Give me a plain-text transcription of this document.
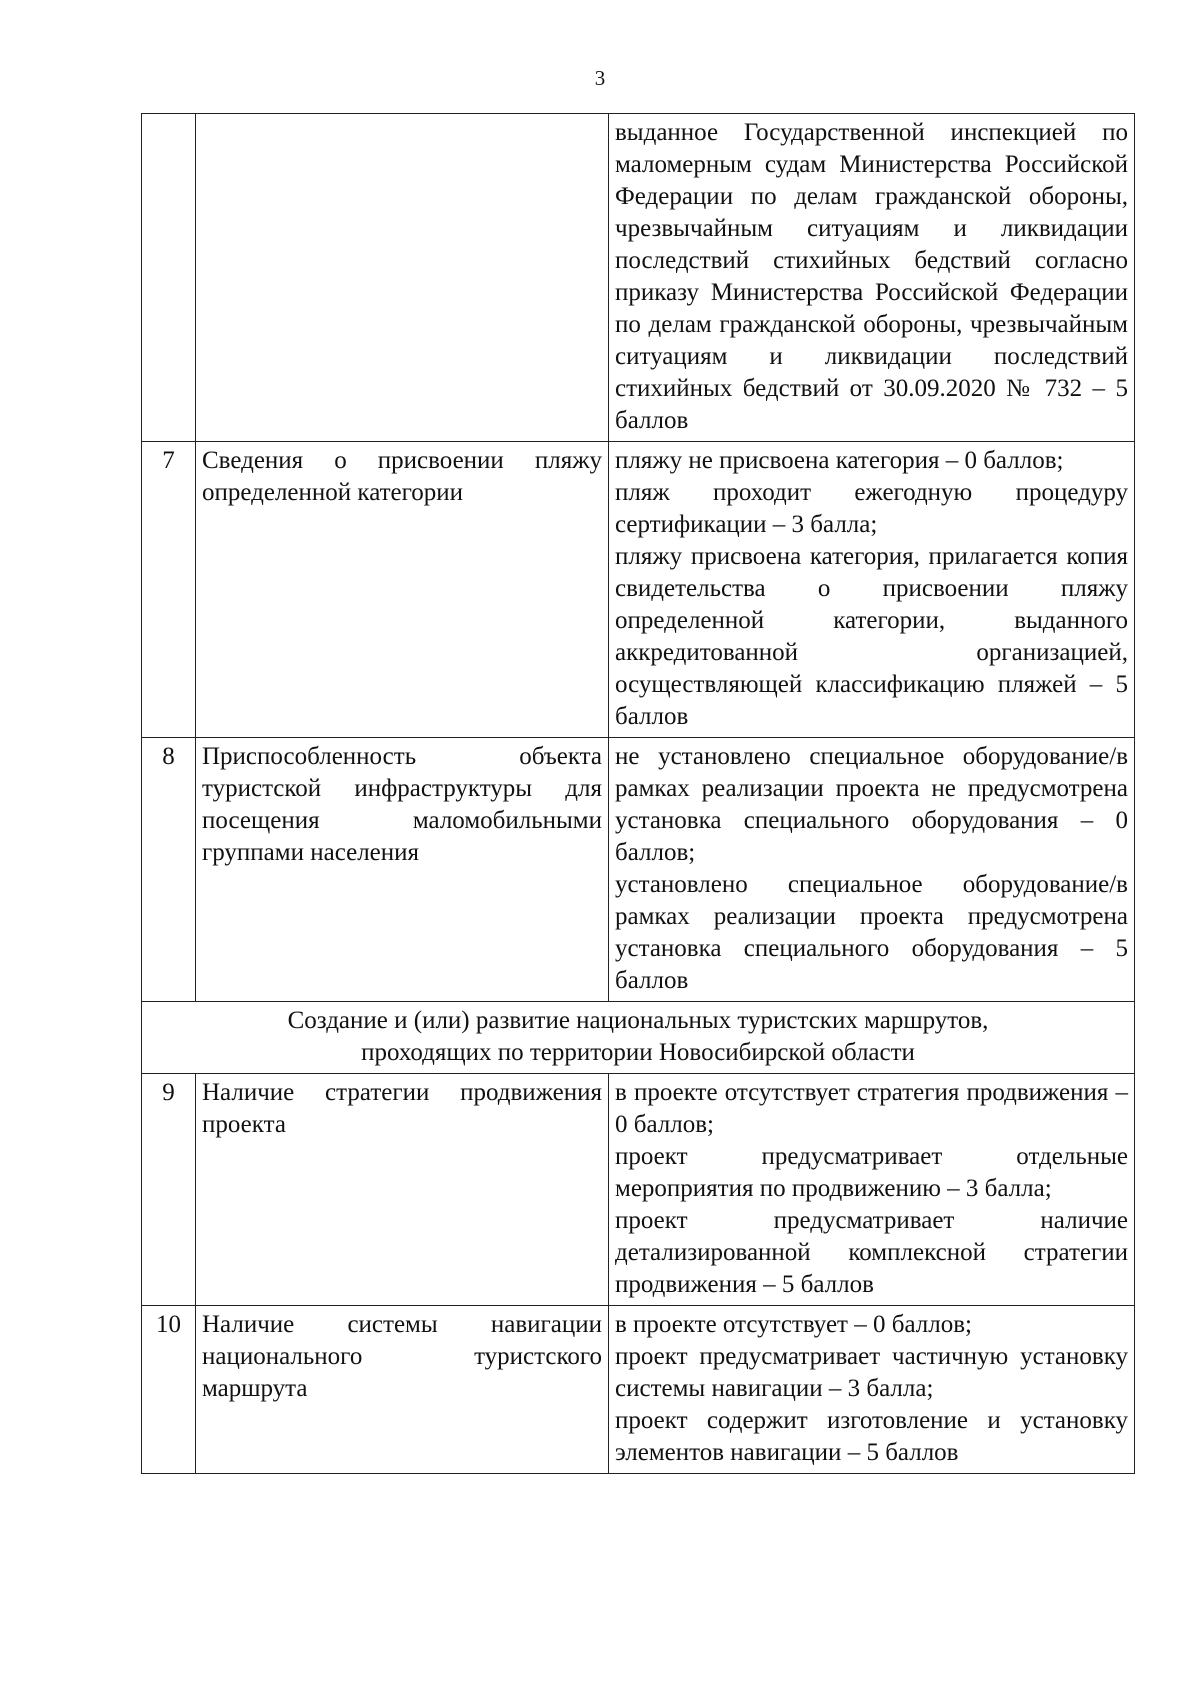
3

		выданное Государственной инспекцией по маломерным судам Министерства Российской Федерации по делам гражданской обороны, чрезвычайным ситуациям и ликвидации последствий стихийных бедствий согласно приказу Министерства Российской Федерации по делам гражданской обороны, чрезвычайным ситуациям и ликвидации последствий стихийных бедствий от 30.09.2020 № 732 – 5 баллов

7	Сведения о присвоении пляжу определенной категории	пляжу не присвоена категория – 0 баллов;

пляж проходит ежегодную процедуру сертификации – 3 балла;

пляжу присвоена категория, прилагается копия свидетельства о присвоении пляжу определенной категории, выданного аккредитованной организацией, осуществляющей классификацию пляжей – 5 баллов

8	Приспособленность объекта туристской инфраструктуры для посещения маломобильными группами населения	не установлено специальное оборудование/в рамках реализации проекта не предусмотрена установка специального оборудования – 0 баллов;

установлено специальное оборудование/в рамках реализации проекта предусмотрена установка специального оборудования – 5 баллов

Создание и (или) развитие национальных туристских маршрутов,
проходящих по территории Новосибирской области		

9	Наличие стратегии продвижения проекта	в проекте отсутствует стратегия продвижения – 0 баллов;

проект предусматривает отдельные мероприятия по продвижению – 3 балла;

проект предусматривает наличие детализированной комплексной стратегии продвижения – 5 баллов

10	Наличие системы навигации национального туристского маршрута	в проекте отсутствует – 0 баллов;

проект предусматривает частичную установку системы навигации – 3 балла;

проект содержит изготовление и установку элементов навигации – 5 баллов
